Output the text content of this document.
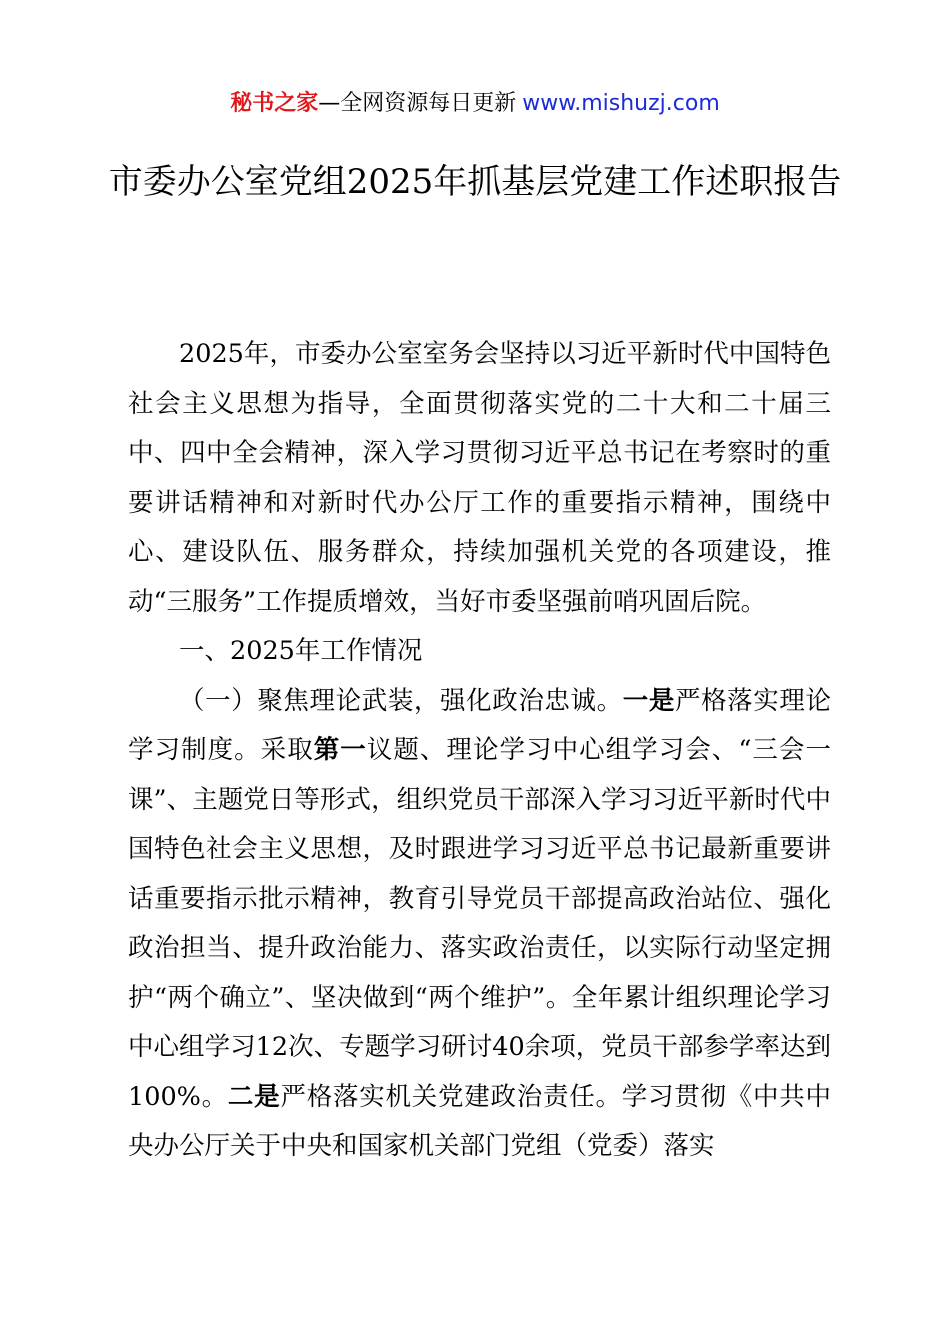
秘书之家—全网资源每日更新 www.mishuzj.com
市委办公室党组2025年抓基层党建工作述职报告

2025年，市委办公室室务会坚持以习近平新时代中国特色社会主义思想为指导，全面贯彻落实党的二十大和二十届三中、四中全会精神，深入学习贯彻习近平总书记在考察时的重要讲话精神和对新时代办公厅工作的重要指示精神，围绕中心、建设队伍、服务群众，持续加强机关党的各项建设，推动“三服务”工作提质增效，当好市委坚强前哨巩固后院。

一、2025年工作情况

（一）聚焦理论武装，强化政治忠诚。一是严格落实理论学习制度。采取第一议题、理论学习中心组学习会、“三会一课”、主题党日等形式，组织党员干部深入学习习近平新时代中国特色社会主义思想，及时跟进学习习近平总书记最新重要讲话重要指示批示精神，教育引导党员干部提高政治站位、强化政治担当、提升政治能力、落实政治责任，以实际行动坚定拥护“两个确立”、坚决做到“两个维护”。全年累计组织理论学习中心组学习12次、专题学习研讨40余项，党员干部参学率达到100%。二是严格落实机关党建政治责任。学习贯彻《中共中央办公厅关于中央和国家机关部门党组（党委）落实
